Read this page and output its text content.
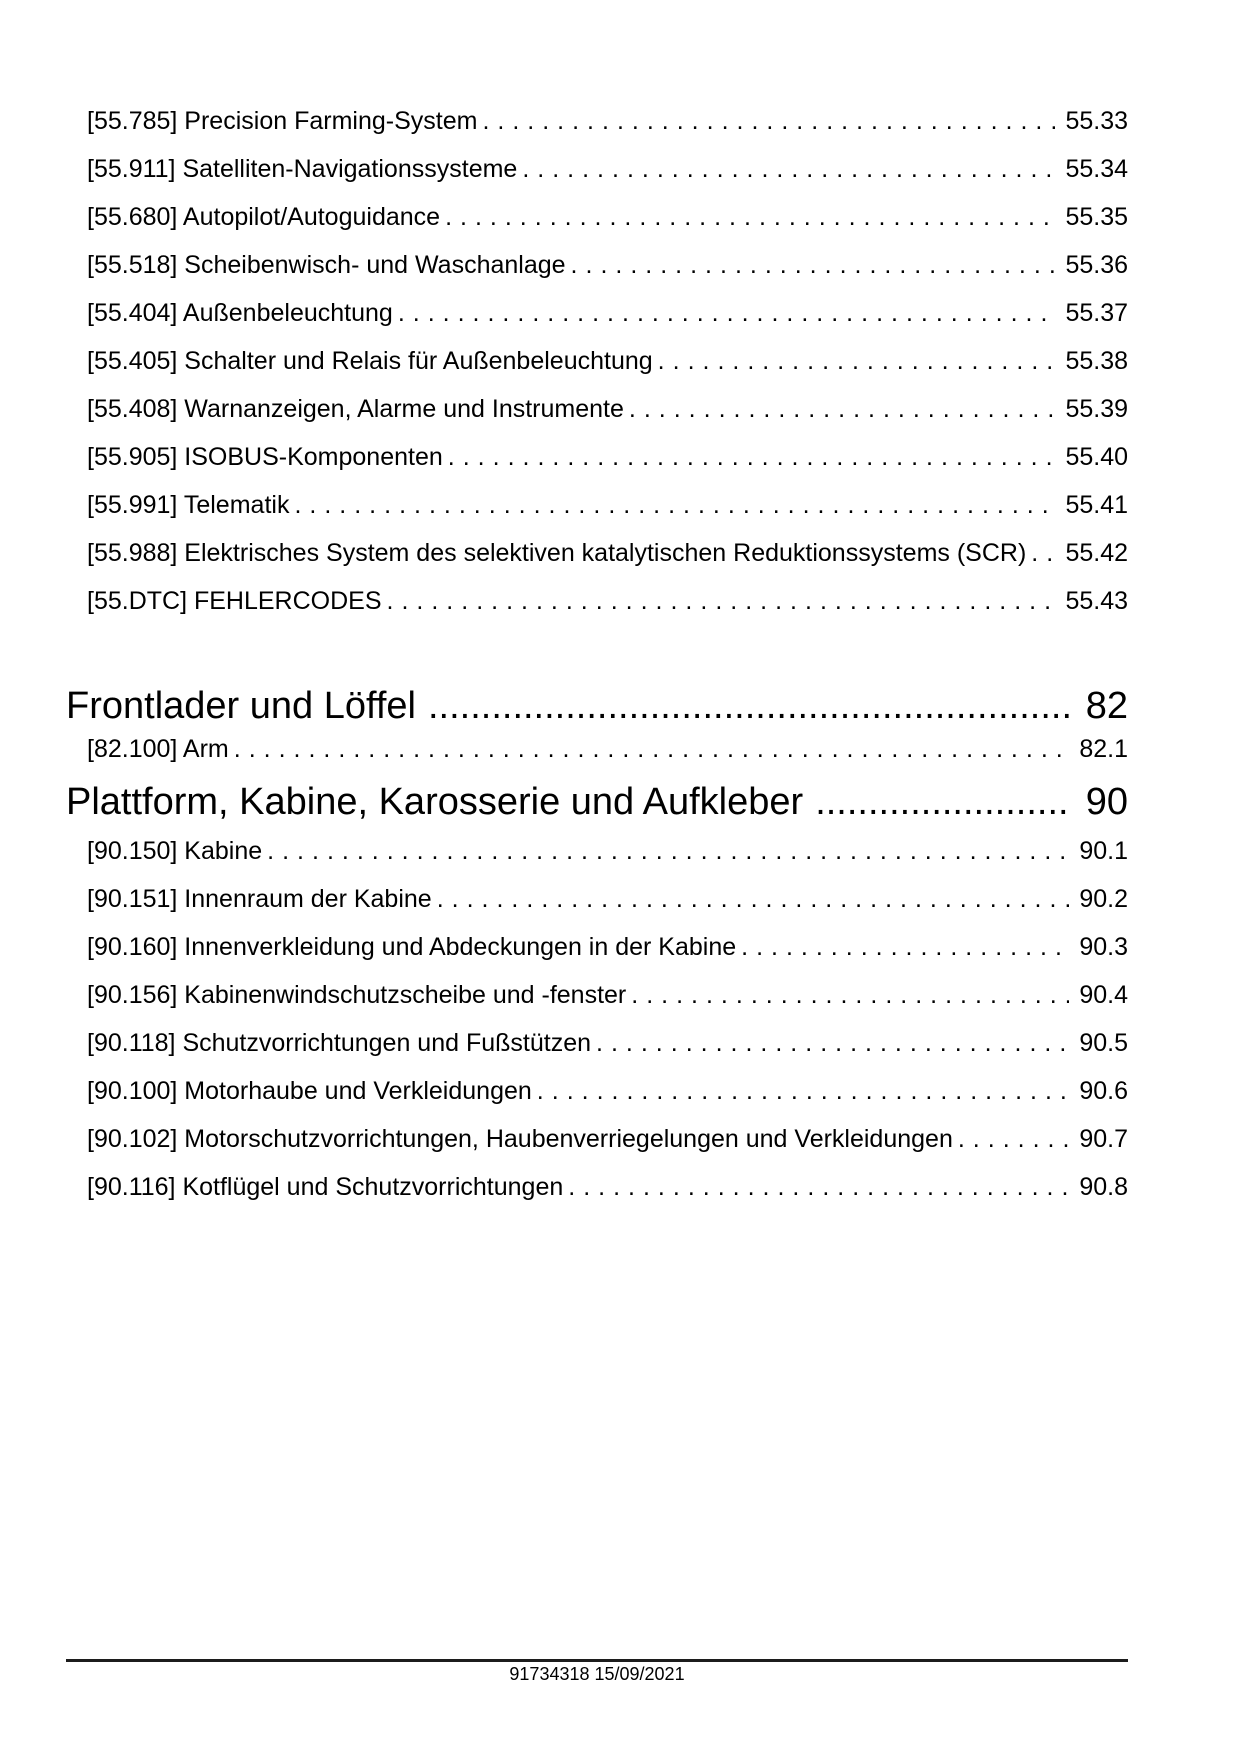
[55.785] Precision Farming-System .....	55.33
[55.911] Satelliten-Navigationssysteme .....	55.34
[55.680] Autopilot/Autoguidance .....	55.35
[55.518] Scheibenwisch- und Waschanlage .....	55.36
[55.404] Außenbeleuchtung .....	55.37
[55.405] Schalter und Relais für Außenbeleuchtung .....	55.38
[55.408] Warnanzeigen, Alarme und Instrumente .....	55.39
[55.905] ISOBUS-Komponenten .....	55.40
[55.991] Telematik .....	55.41
[55.988] Elektrisches System des selektiven katalytischen Reduktionssystems (SCR) ..... 55.42
[55.DTC] FEHLERCODES .....	55.43
Frontlader und Löffel .....	82
[82.100] Arm .....	82.1
Plattform, Kabine, Karosserie und Aufkleber .....	90
[90.150] Kabine .....	90.1
[90.151] Innenraum der Kabine .....	90.2
[90.160] Innenverkleidung und Abdeckungen in der Kabine .....	90.3
[90.156] Kabinenwindschutzscheibe und -fenster .....	90.4
[90.118] Schutzvorrichtungen und Fußstützen .....	90.5
[90.100] Motorhaube und Verkleidungen .....	90.6
[90.102] Motorschutzvorrichtungen, Haubenverriegelungen und Verkleidungen .....	90.7
[90.116] Kotflügel und Schutzvorrichtungen .....	90.8
91734318 15/09/2021
